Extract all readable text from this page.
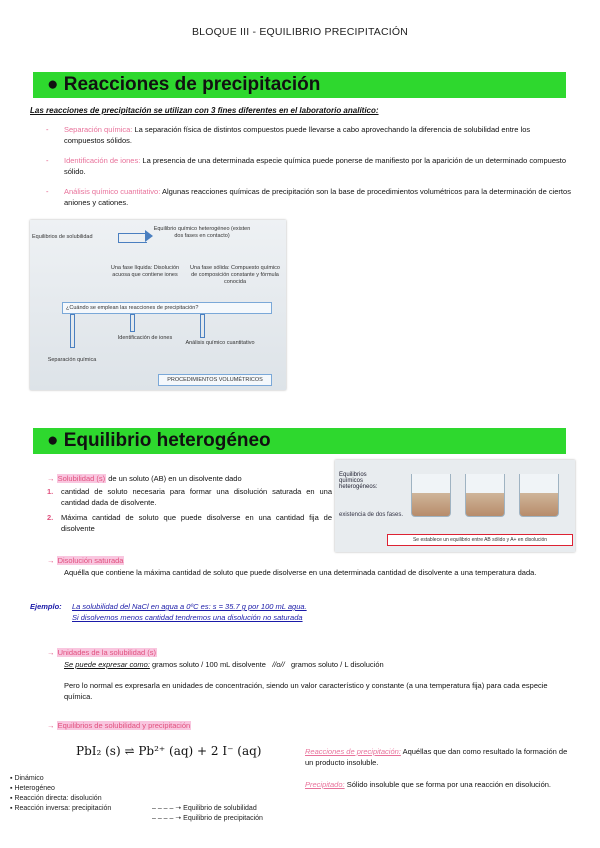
BLOQUE III - EQUILIBRIO PRECIPITACIÓN
● Reacciones de precipitación
Las reacciones de precipitación se utilizan con 3 fines diferentes en el laboratorio analítico:
- Separación química: La separación física de distintos compuestos puede llevarse a cabo aprovechando la diferencia de solubilidad entre los compuestos sólidos.
- Identificación de iones: La presencia de una determinada especie química puede ponerse de manifiesto por la aparición de un determinado compuesto sólido.
- Análisis químico cuantitativo: Algunas reacciones químicas de precipitación son la base de procedimientos volumétricos para la determinación de ciertos aniones y cationes.
Equilibrios de solubilidad
Equilibrio químico heterogéneo (existen dos fases en contacto)
Una fase líquida: Disolución acuosa que contiene iones
Una fase sólida: Compuesto químico de composición constante y fórmula conocida
¿Cuándo se emplean las reacciones de precipitación?
Identificación de iones
Análisis químico cuantitativo
Separación química
PROCEDIMIENTOS VOLUMÉTRICOS
● Equilibrio heterogéneo
→ Solubilidad (s) de un soluto (AB) en un disolvente dado
1. cantidad de soluto necesaria para formar una disolución saturada en una cantidad dada de disolvente.
2. Máxima cantidad de soluto que puede disolverse en una cantidad fija de disolvente
Equilibrios químicos heterogéneos:
existencia de dos fases.
Se establece un equilibrio entre AB sólido y A+ en disolución
→ Disolución saturada
Aquélla que contiene la máxima cantidad de soluto que puede disolverse en una determinada cantidad de disolvente a una temperatura dada.
Ejemplo: La solubilidad del NaCl en agua a 0ºC es: s = 35.7 g por 100 mL agua.
Si disolvemos menos cantidad tendremos una disolución no saturada
→ Unidades de la solubilidad (s)
Se puede expresar como: gramos soluto / 100 mL disolvente //o// gramos soluto / L disolución
Pero lo normal es expresarla en unidades de concentración, siendo un valor característico y constante (a una temperatura fija) para cada especie química.
→ Equilibrios de solubilidad y precipitación
PbI₂ (s) ⇌ Pb²⁺ (aq) + 2 I⁻ (aq)
▪ Dinámico
▪ Heterogéneo
▪ Reacción directa: disolución
▪ Reacción inversa: precipitación	– – – – ➝ Equilibrio de solubilidad
– – – – ➝ Equilibrio de precipitación
Reacciones de precipitación: Aquéllas que dan como resultado la formación de un producto insoluble.
Precipitado: Sólido insoluble que se forma por una reacción en disolución.
